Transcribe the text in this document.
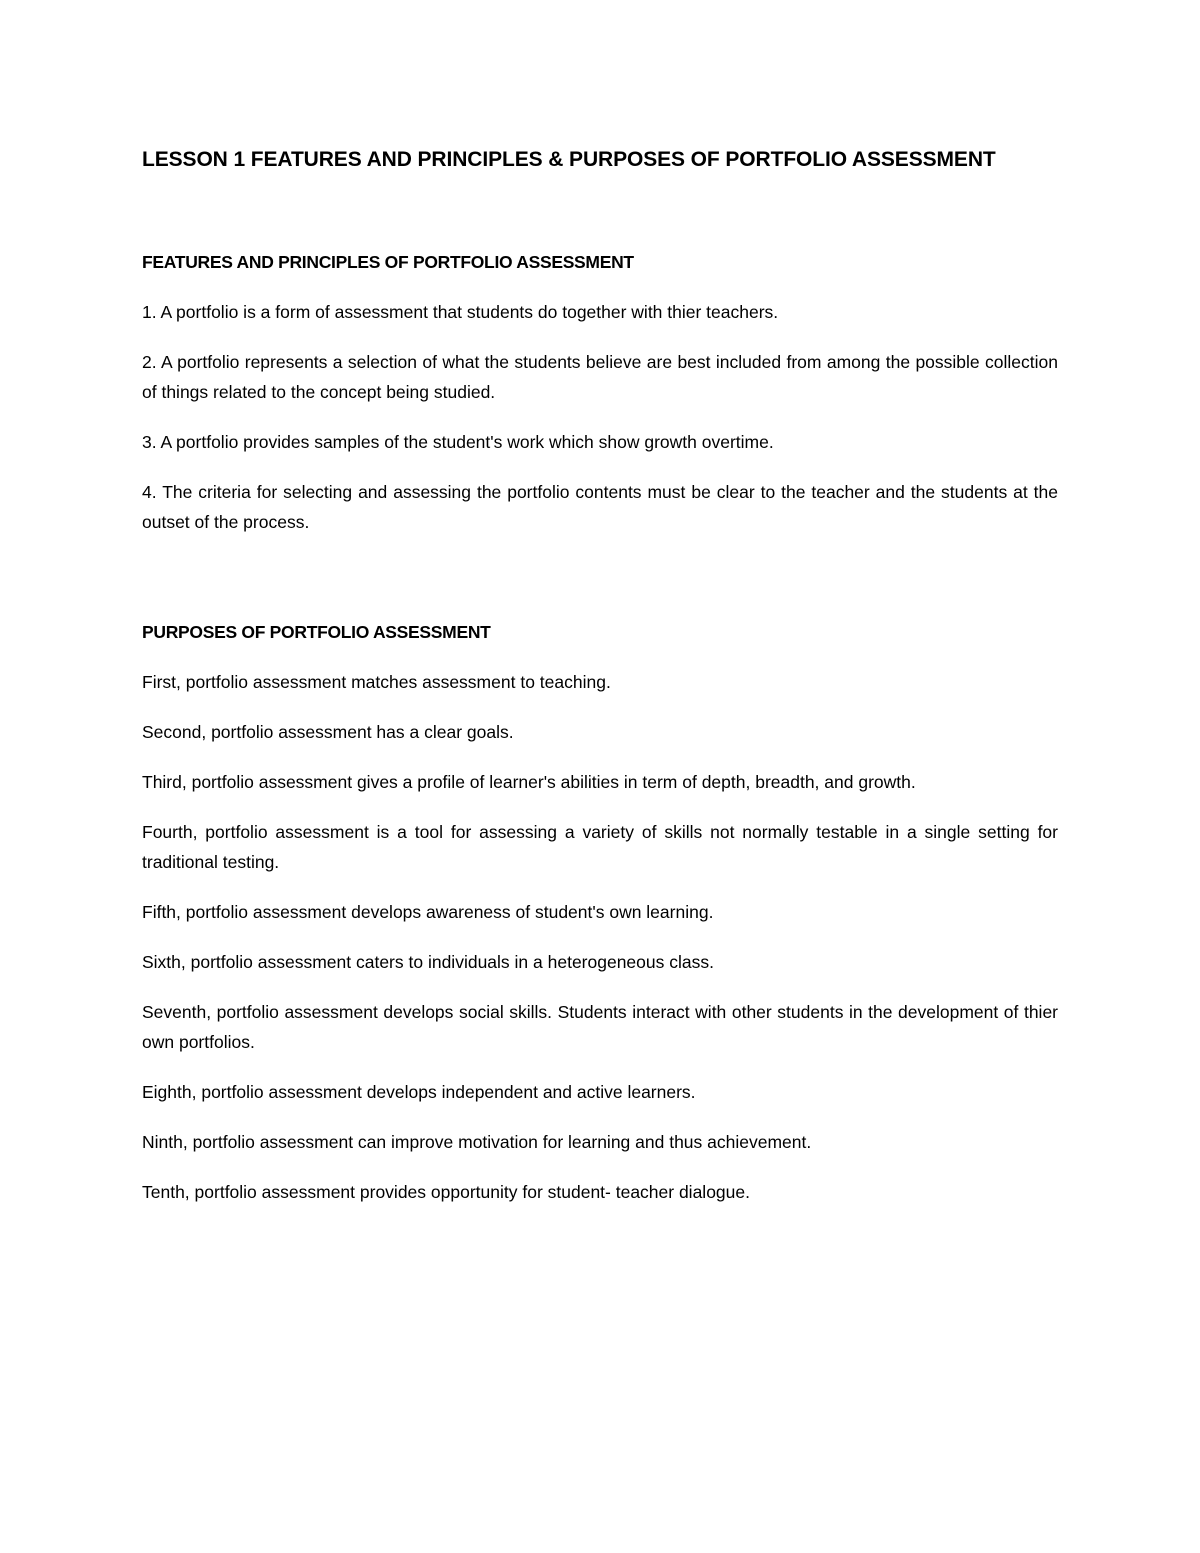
LESSON 1 FEATURES AND PRINCIPLES & PURPOSES OF PORTFOLIO ASSESSMENT
FEATURES AND PRINCIPLES OF PORTFOLIO ASSESSMENT

1. A portfolio is a form of assessment that students do together with thier teachers.

2. A portfolio represents a selection of what the students believe are best included from among the possible collection of things related to the concept being studied.

3. A portfolio provides samples of the student's work which show growth overtime.

4. The criteria for selecting and assessing the portfolio contents must be clear to the teacher and the students at the outset of the process.

PURPOSES OF PORTFOLIO ASSESSMENT

First, portfolio assessment matches assessment to teaching.

Second, portfolio assessment has a clear goals.

Third, portfolio assessment gives a profile of learner's abilities in term of depth, breadth, and growth.

Fourth, portfolio assessment is a tool for assessing a variety of skills not normally testable in a single setting for traditional testing.

Fifth, portfolio assessment develops awareness of student's own learning.

Sixth, portfolio assessment caters to individuals in a heterogeneous class.

Seventh, portfolio assessment develops social skills. Students interact with other students in the development of thier own portfolios.

Eighth, portfolio assessment develops independent and active learners.

Ninth, portfolio assessment can improve motivation for learning and thus achievement.

Tenth, portfolio assessment provides opportunity for student- teacher dialogue.
